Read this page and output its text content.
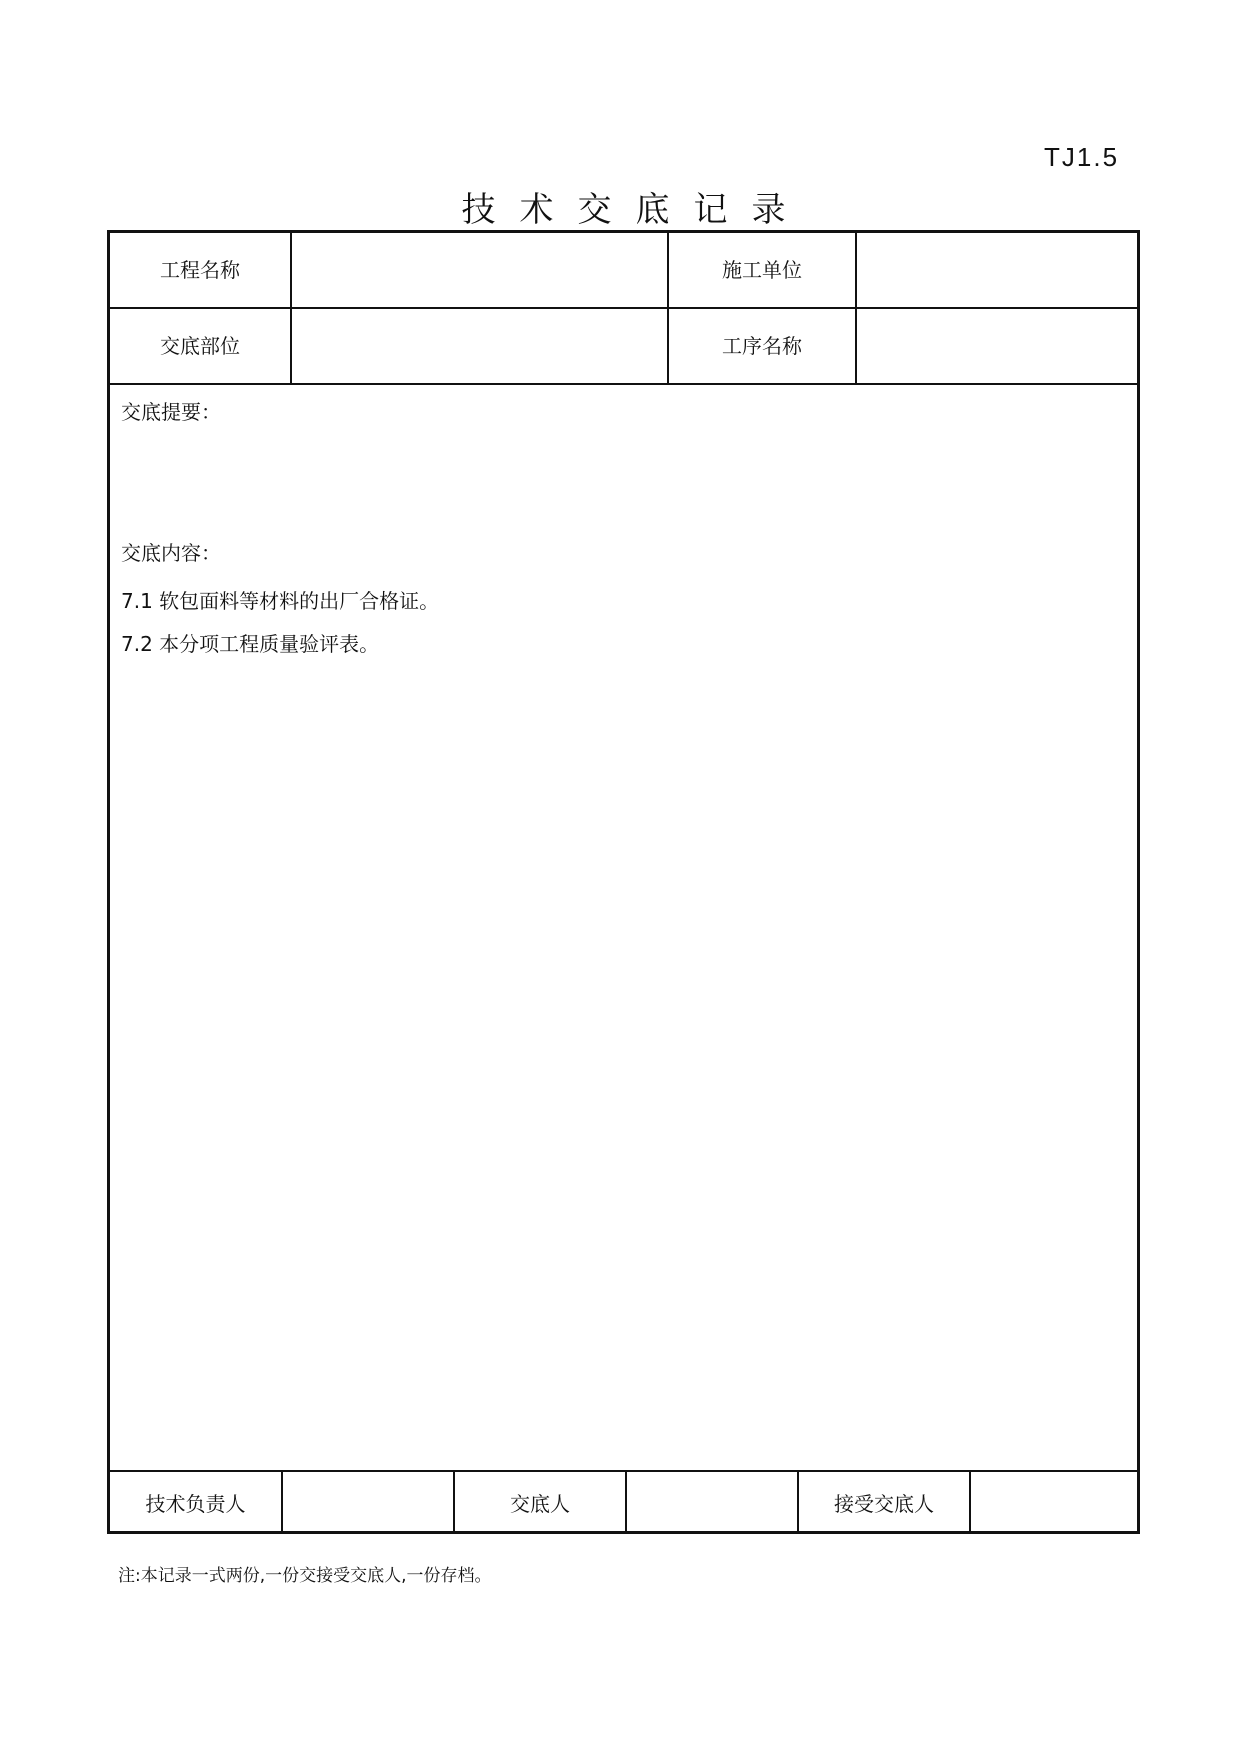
TJ1.5
技术交底记录
工程名称	施工单位
交底部位	工序名称
交底提要：
交底内容：
7.1 软包面料等材料的出厂合格证。
7.2 本分项工程质量验评表。
技术负责人	交底人	接受交底人
注:本记录一式两份,一份交接受交底人,一份存档。
